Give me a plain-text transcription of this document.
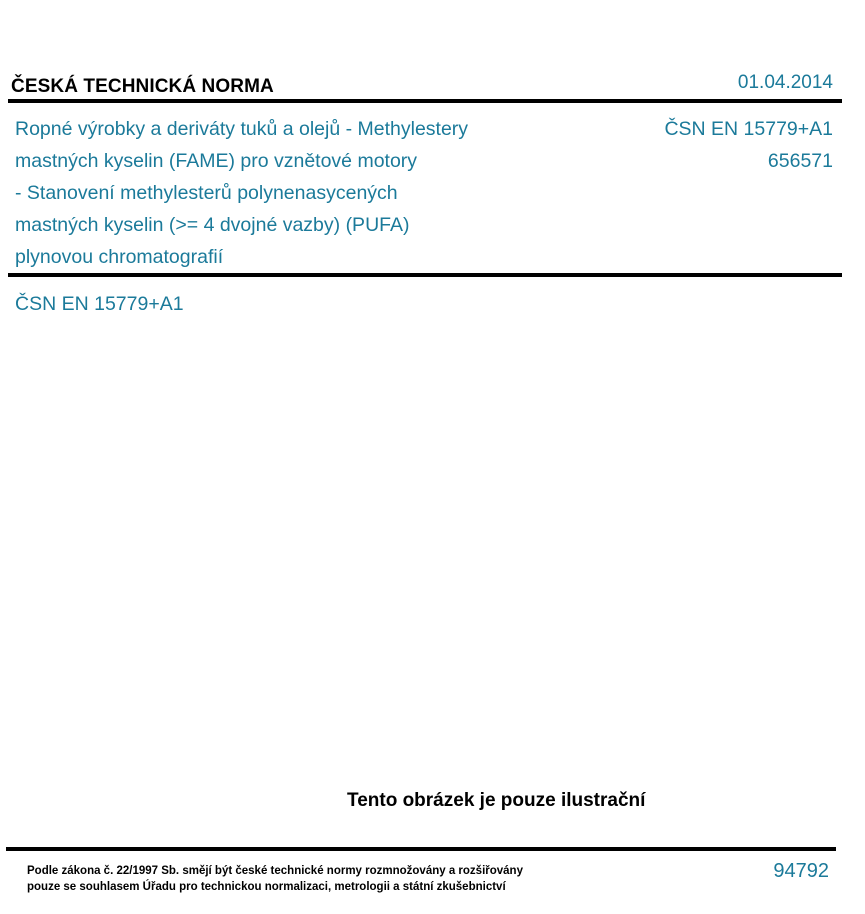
ČESKÁ TECHNICKÁ NORMA	01.04.2014
Ropné výrobky a deriváty tuků a olejů - Methylestery
mastných kyselin (FAME) pro vznětové motory
- Stanovení methylesterů polynenasycených
mastných kyselin (>= 4 dvojné vazby) (PUFA)
plynovou chromatografií
ČSN EN 15779+A1
656571
ČSN EN 15779+A1
Tento obrázek je pouze ilustrační
Podle zákona č. 22/1997 Sb. smějí být české technické normy rozmnožovány a rozšiřovány
pouze se souhlasem Úřadu pro technickou normalizaci, metrologii a státní zkušebnictví
94792
